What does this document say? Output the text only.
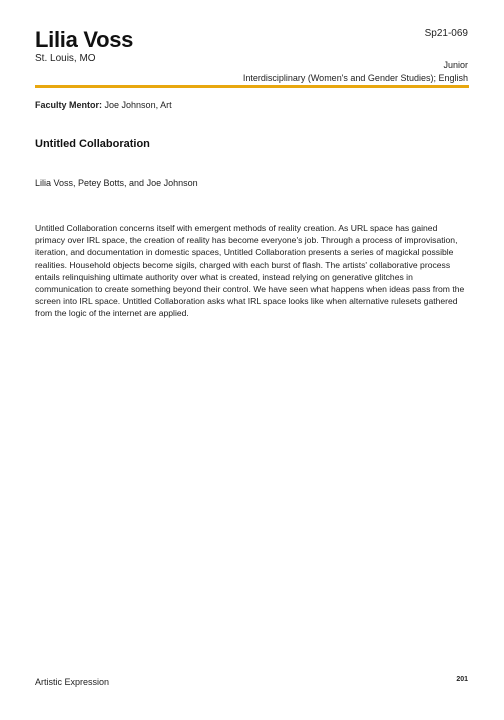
Lilia Voss
St. Louis, MO
Sp21-069
Junior
Interdisciplinary (Women's and Gender Studies); English
Faculty Mentor: Joe Johnson, Art
Untitled Collaboration
Lilia Voss, Petey Botts, and Joe Johnson

Untitled Collaboration concerns itself with emergent methods of reality creation. As URL space has gained primacy over IRL space, the creation of reality has become everyone's job. Through a process of improvisation, iteration, and documentation in domestic spaces, Untitled Collaboration presents a series of magickal possible realities. Household objects become sigils, charged with each burst of flash. The artists' collaborative process entails relinquishing ultimate authority over what is created, instead relying on generative glitches in communication to create something beyond their control. We have seen what happens when ideas pass from the screen into IRL space. Untitled Collaboration asks what IRL space looks like when alternative rulesets gathered from the logic of the internet are applied.

Artistic Expression	201
